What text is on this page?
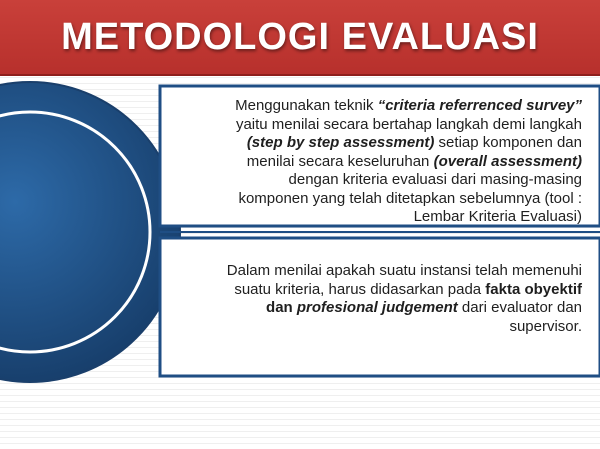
METODOLOGI EVALUASI

Menggunakan teknik “criteria referrenced survey”

yaitu menilai secara bertahap langkah demi langkah

(step by step assessment) setiap komponen dan

menilai secara keseluruhan (overall assessment)

dengan kriteria evaluasi dari masing-masing

komponen yang telah ditetapkan sebelumnya (tool :

Lembar Kriteria Evaluasi)

Dalam menilai apakah suatu instansi telah memenuhi

suatu kriteria, harus didasarkan pada fakta obyektif

dan profesional judgement dari evaluator dan

supervisor.
